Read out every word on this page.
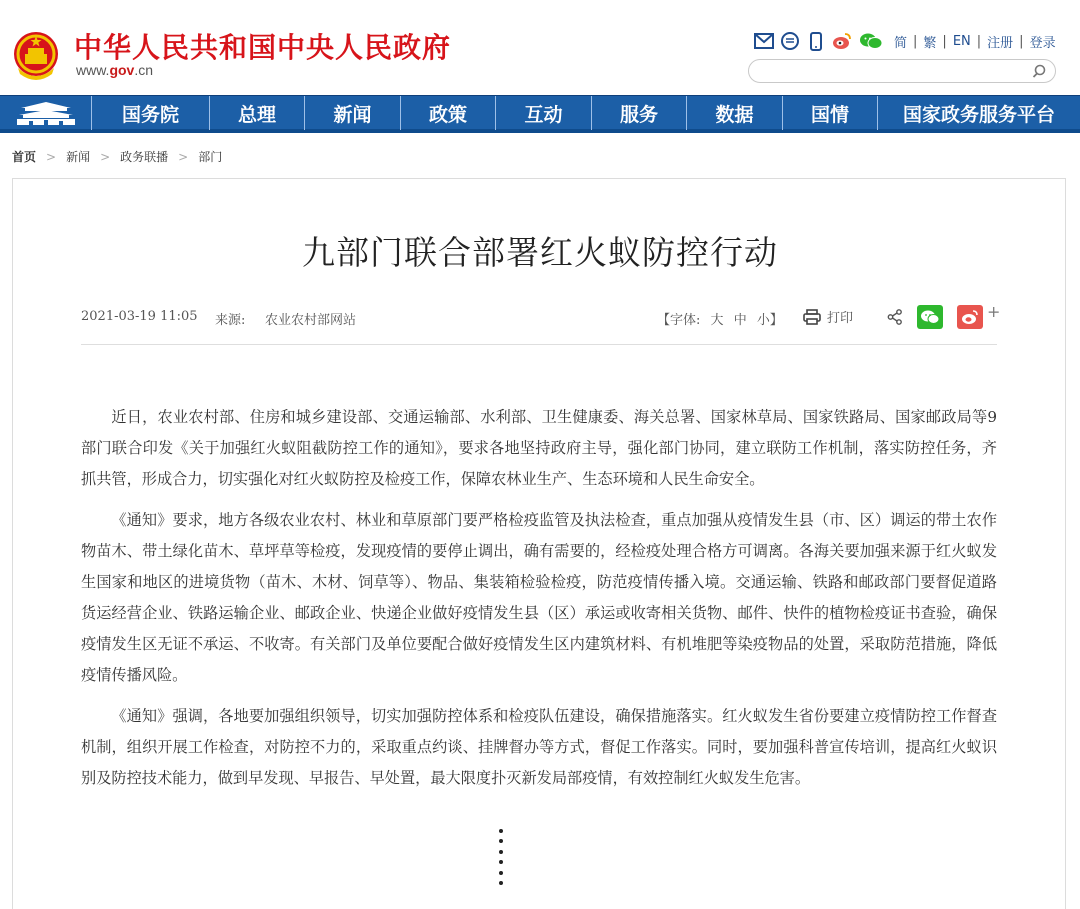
中华人民共和国中央人民政府
www.gov.cn
简 | 繁 | EN | 注册 | 登录
国务院	总理	新闻	政策	互动	服务	数据	国情	国家政务服务平台
首页 > 新闻 > 政务联播 > 部门
九部门联合部署红火蚁防控行动
2021-03-19 11:05 来源: 农业农村部网站	【字体: 大 中 小】	打印	+

近日，农业农村部、住房和城乡建设部、交通运输部、水利部、卫生健康委、海关总署、国家林草局、国家铁路局、国家邮政局等9部门联合印发《关于加强红火蚁阻截防控工作的通知》，要求各地坚持政府主导，强化部门协同，建立联防工作机制，落实防控任务，齐抓共管，形成合力，切实强化对红火蚁防控及检疫工作，保障农林业生产、生态环境和人民生命安全。

《通知》要求，地方各级农业农村、林业和草原部门要严格检疫监管及执法检查，重点加强从疫情发生县（市、区）调运的带土农作物苗木、带土绿化苗木、草坪草等检疫，发现疫情的要停止调出，确有需要的，经检疫处理合格方可调离。各海关要加强来源于红火蚁发生国家和地区的进境货物（苗木、木材、饲草等）、物品、集装箱检验检疫，防范疫情传播入境。交通运输、铁路和邮政部门要督促道路货运经营企业、铁路运输企业、邮政企业、快递企业做好疫情发生县（区）承运或收寄相关货物、邮件、快件的植物检疫证书查验，确保疫情发生区无证不承运、不收寄。有关部门及单位要配合做好疫情发生区内建筑材料、有机堆肥等染疫物品的处置，采取防范措施，降低疫情传播风险。

《通知》强调，各地要加强组织领导，切实加强防控体系和检疫队伍建设，确保措施落实。红火蚁发生省份要建立疫情防控工作督查机制，组织开展工作检查，对防控不力的，采取重点约谈、挂牌督办等方式，督促工作落实。同时，要加强科普宣传培训，提高红火蚁识别及防控技术能力，做到早发现、早报告、早处置，最大限度扑灭新发局部疫情，有效控制红火蚁发生危害。
